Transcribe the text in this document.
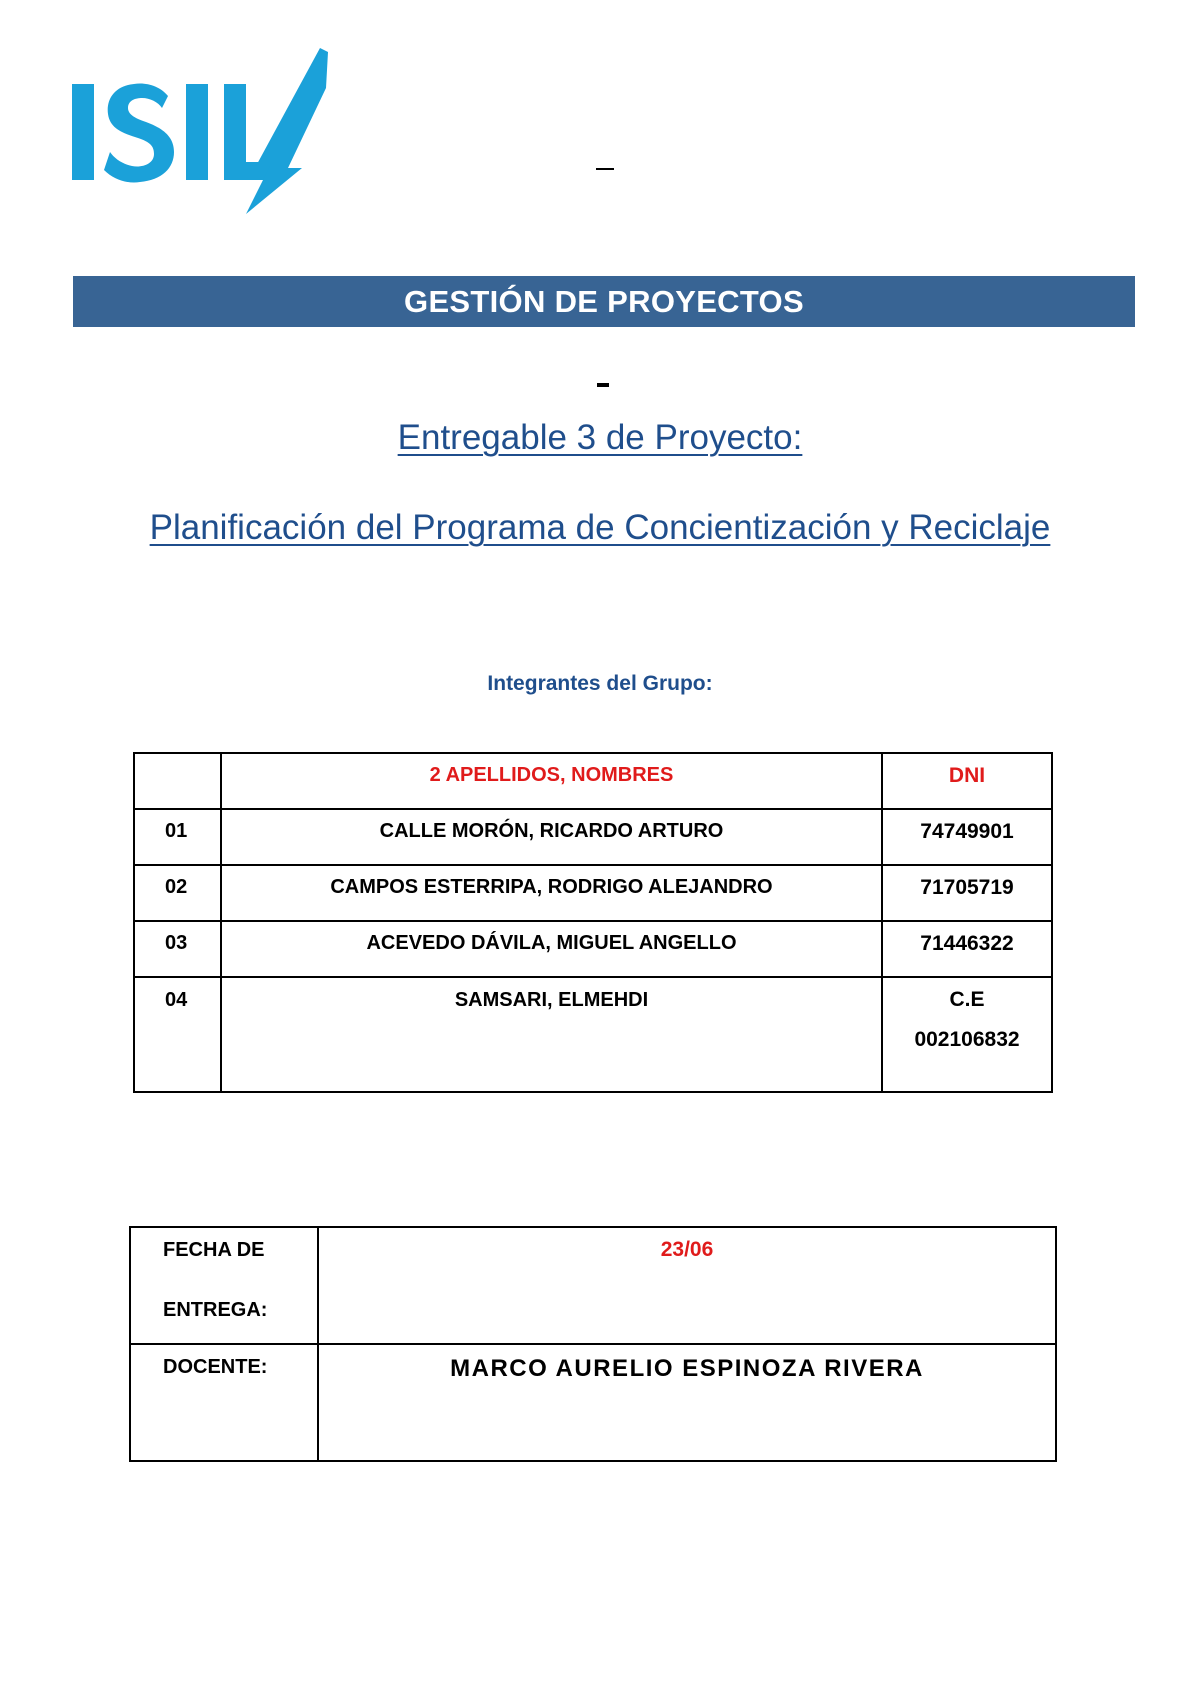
GESTIÓN DE PROYECTOS
Entregable 3 de Proyecto:
Planificación del Programa de Concientización y Reciclaje
Integrantes del Grupo:
	2 APELLIDOS, NOMBRES	DNI
01	CALLE MORÓN, RICARDO ARTURO	74749901
02	CAMPOS ESTERRIPA, RODRIGO ALEJANDRO	71705719
03	ACEVEDO DÁVILA, MIGUEL ANGELLO	71446322
04	SAMSARI, ELMEHDI	C.E
002106832
FECHA DE
ENTREGA:	23/06

DOCENTE:	MARCO AURELIO ESPINOZA RIVERA
